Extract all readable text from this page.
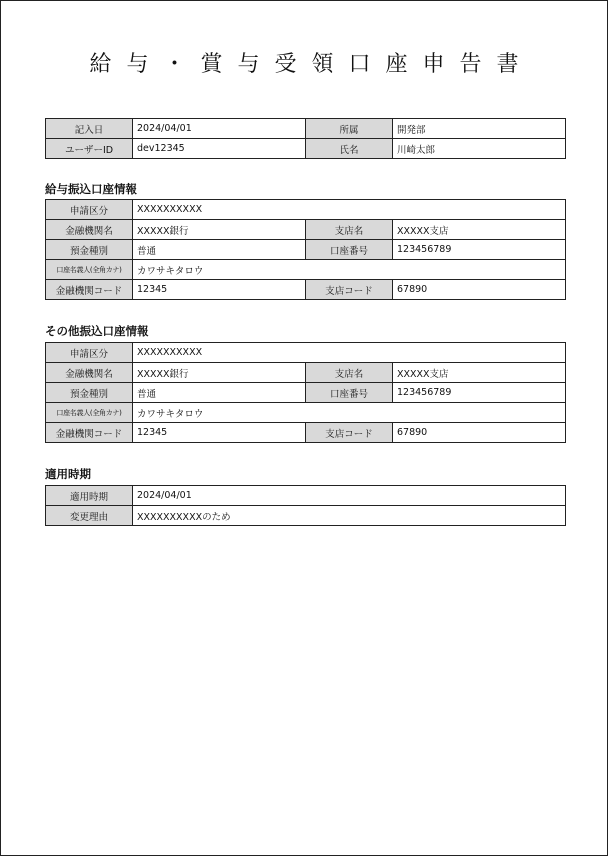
給与・賞与受領口座申告書
記入日	2024/04/01	所属	開発部
ユーザーID	dev12345	氏名	川崎太郎
給与振込口座情報
申請区分	XXXXXXXXXX		
金融機関名	XXXXX銀行	支店名	XXXXX支店
預金種別	普通	口座番号	123456789
口座名義人(全角カナ)	カワサキタロウ		
金融機関コード	12345	支店コード	67890
その他振込口座情報
申請区分	XXXXXXXXXX		
金融機関名	XXXXX銀行	支店名	XXXXX支店
預金種別	普通	口座番号	123456789
口座名義人(全角カナ)	カワサキタロウ		
金融機関コード	12345	支店コード	67890
適用時期
適用時期	2024/04/01
変更理由	XXXXXXXXXXのため
